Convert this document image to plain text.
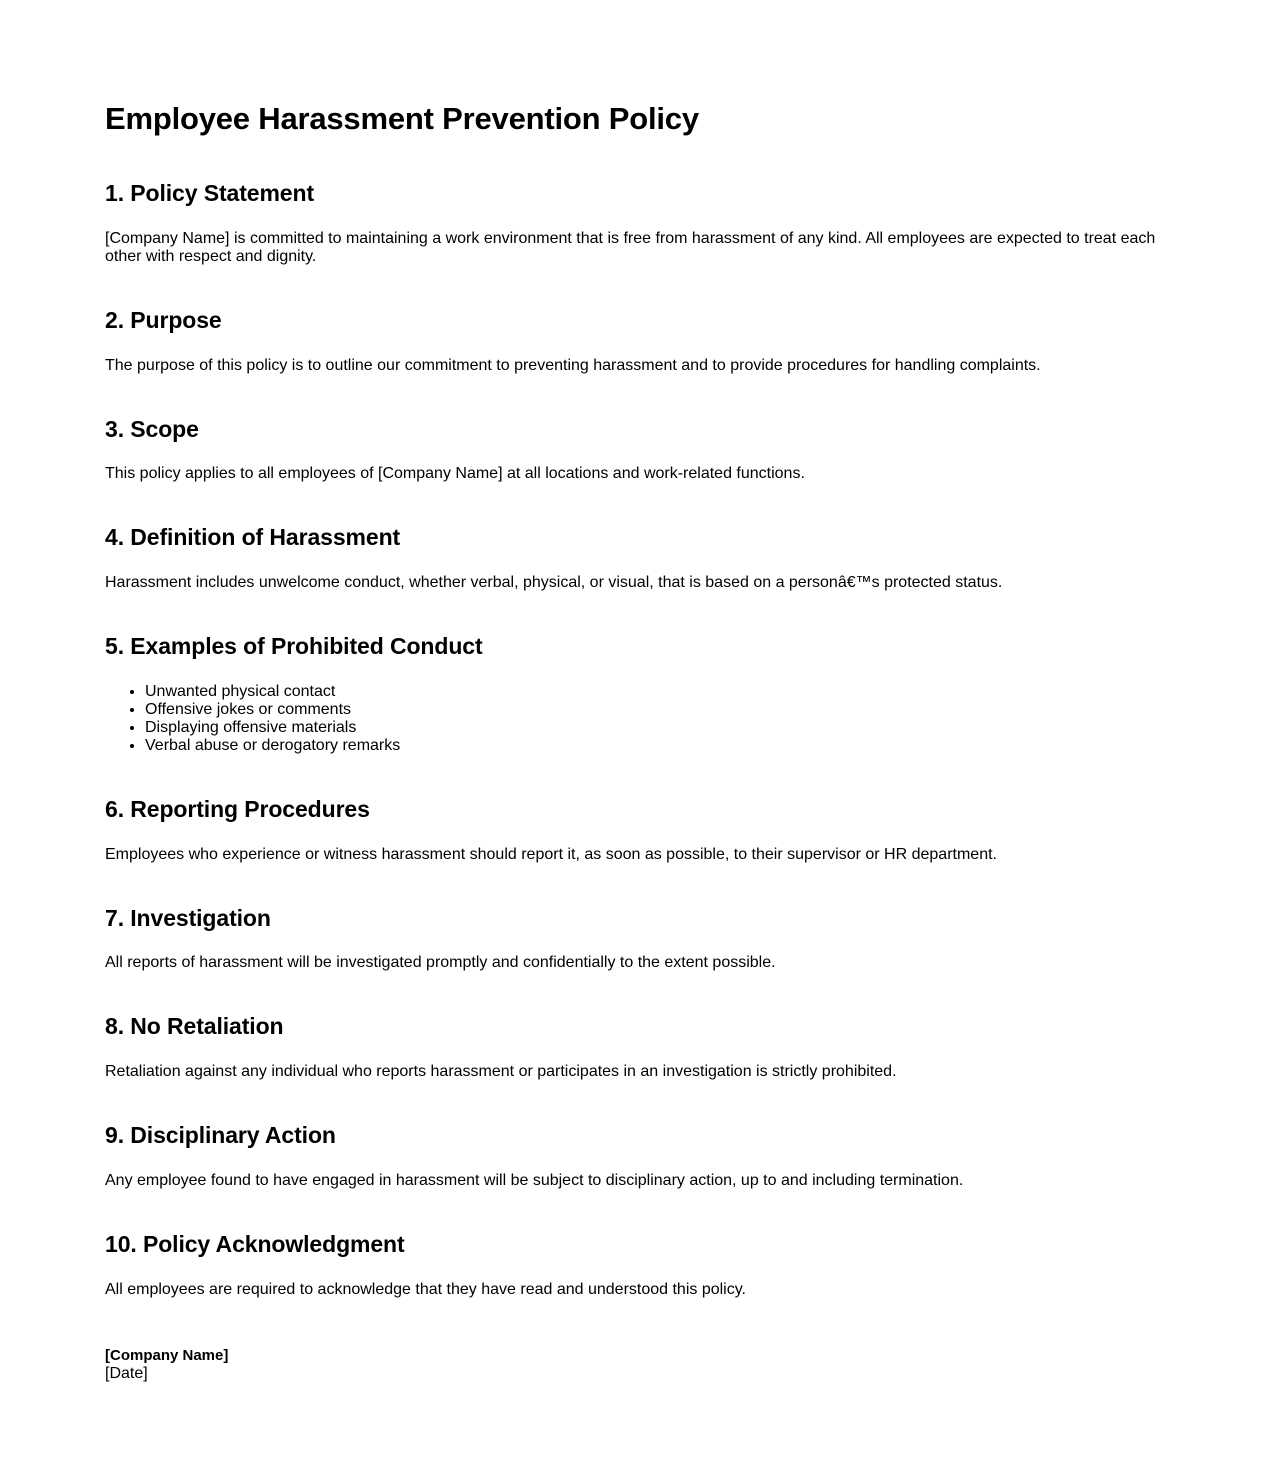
Employee Harassment Prevention Policy
1. Policy Statement

[Company Name] is committed to maintaining a work environment that is free from harassment of any kind. All employees are expected to treat each other with respect and dignity.

2. Purpose

The purpose of this policy is to outline our commitment to preventing harassment and to provide procedures for handling complaints.

3. Scope

This policy applies to all employees of [Company Name] at all locations and work-related functions.

4. Definition of Harassment

Harassment includes unwelcome conduct, whether verbal, physical, or visual, that is based on a personâ€™s protected status.

5. Examples of Prohibited Conduct
• Unwanted physical contact
• Offensive jokes or comments
• Displaying offensive materials
• Verbal abuse or derogatory remarks
6. Reporting Procedures

Employees who experience or witness harassment should report it, as soon as possible, to their supervisor or HR department.

7. Investigation

All reports of harassment will be investigated promptly and confidentially to the extent possible.

8. No Retaliation

Retaliation against any individual who reports harassment or participates in an investigation is strictly prohibited.

9. Disciplinary Action

Any employee found to have engaged in harassment will be subject to disciplinary action, up to and including termination.

10. Policy Acknowledgment

All employees are required to acknowledge that they have read and understood this policy.

[Company Name]

[Date]
